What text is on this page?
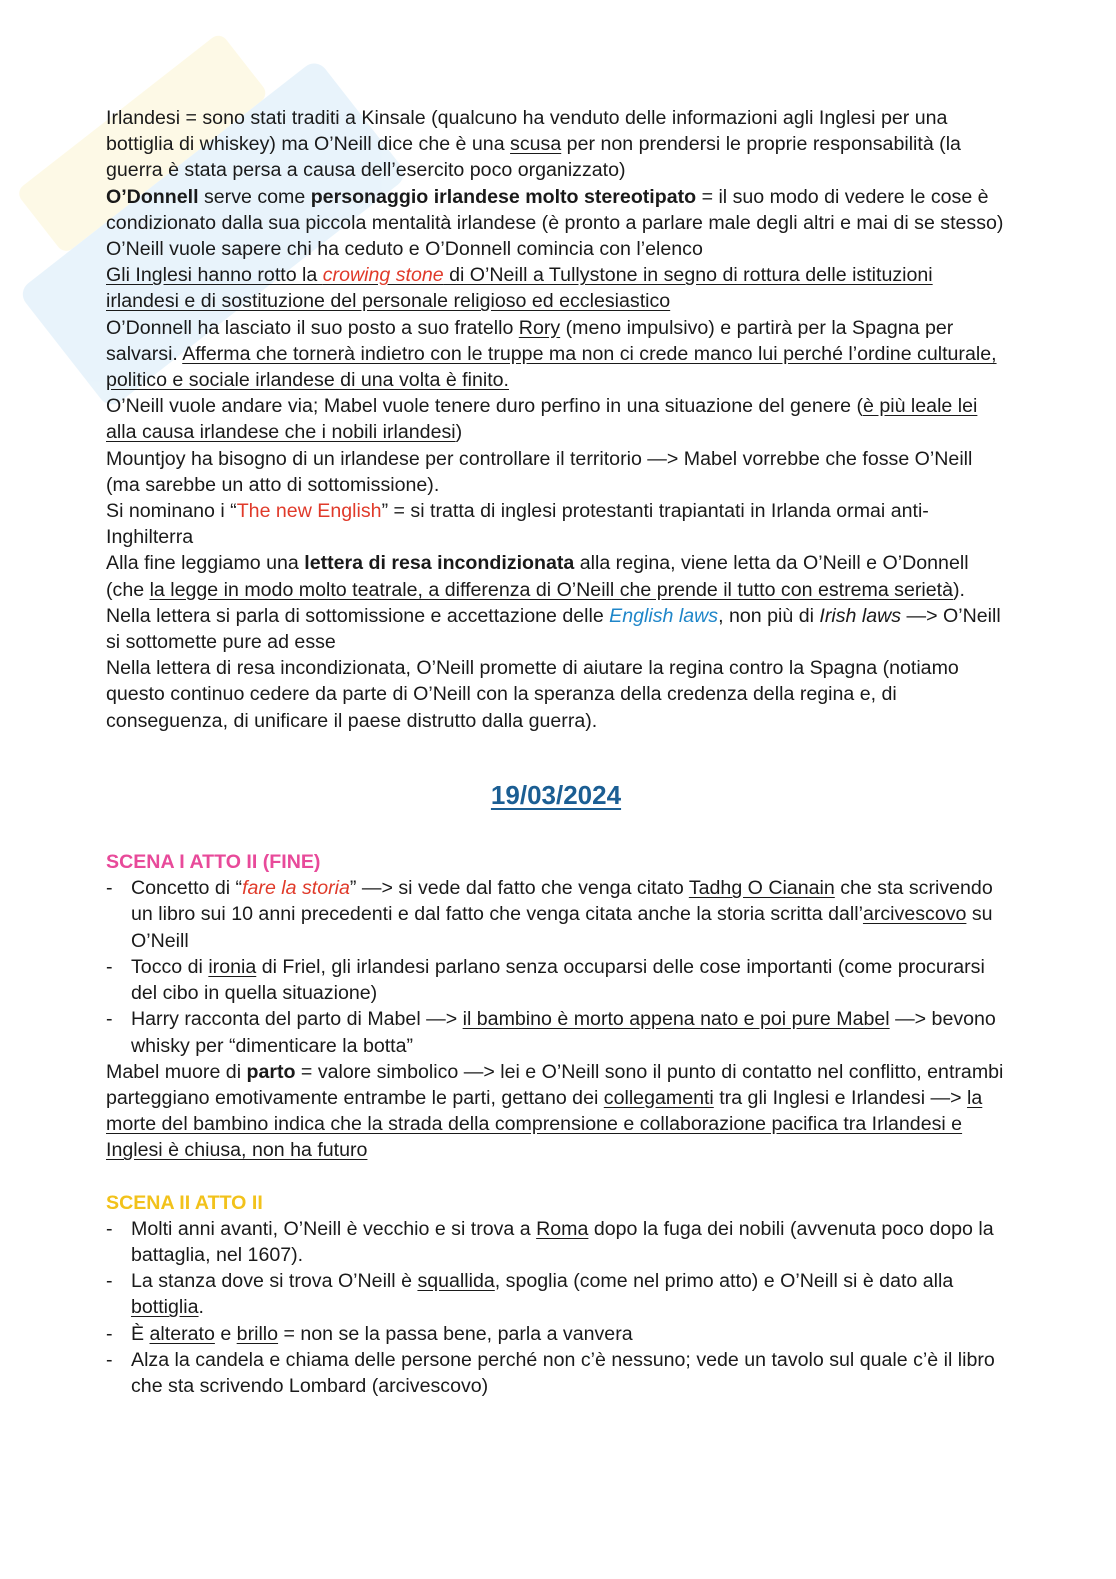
Irlandesi = sono stati traditi a Kinsale (qualcuno ha venduto delle informazioni agli Inglesi per una bottiglia di whiskey) ma O’Neill dice che è una scusa per non prendersi le proprie responsabilità (la guerra è stata persa a causa dell’esercito poco organizzato)

O’Donnell serve come personaggio irlandese molto stereotipato = il suo modo di vedere le cose è condizionato dalla sua piccola mentalità irlandese (è pronto a parlare male degli altri e mai di se stesso)

O’Neill vuole sapere chi ha ceduto e O’Donnell comincia con l’elenco

Gli Inglesi hanno rotto la crowing stone di O’Neill a Tullystone in segno di rottura delle istituzioni irlandesi e di sostituzione del personale religioso ed ecclesiastico

O’Donnell ha lasciato il suo posto a suo fratello Rory (meno impulsivo) e partirà per la Spagna per salvarsi. Afferma che tornerà indietro con le truppe ma non ci crede manco lui perché l’ordine culturale, politico e sociale irlandese di una volta è finito.

O’Neill vuole andare via; Mabel vuole tenere duro perfino in una situazione del genere (è più leale lei alla causa irlandese che i nobili irlandesi)

Mountjoy ha bisogno di un irlandese per controllare il territorio —> Mabel vorrebbe che fosse O’Neill (ma sarebbe un atto di sottomissione).

Si nominano i “The new English” = si tratta di inglesi protestanti trapiantati in Irlanda ormai anti-Inghilterra

Alla fine leggiamo una lettera di resa incondizionata alla regina, viene letta da O’Neill e O’Donnell (che la legge in modo molto teatrale, a differenza di O’Neill che prende il tutto con estrema serietà).

Nella lettera si parla di sottomissione e accettazione delle English laws, non più di Irish laws —> O’Neill si sottomette pure ad esse

Nella lettera di resa incondizionata, O’Neill promette di aiutare la regina contro la Spagna (notiamo questo continuo cedere da parte di O’Neill con la speranza della credenza della regina e, di conseguenza, di unificare il paese distrutto dalla guerra).

19/03/2024

SCENA I ATTO II (FINE)

- Concetto di “fare la storia” —> si vede dal fatto che venga citato Tadhg O Cianain che sta scrivendo un libro sui 10 anni precedenti e dal fatto che venga citata anche la storia scritta dall’arcivescovo su O’Neill
- Tocco di ironia di Friel, gli irlandesi parlano senza occuparsi delle cose importanti (come procurarsi del cibo in quella situazione)
- Harry racconta del parto di Mabel —> il bambino è morto appena nato e poi pure Mabel —> bevono whisky per “dimenticare la botta”

Mabel muore di parto = valore simbolico —> lei e O’Neill sono il punto di contatto nel conflitto, entrambi parteggiano emotivamente entrambe le parti, gettano dei collegamenti tra gli Inglesi e Irlandesi —> la morte del bambino indica che la strada della comprensione e collaborazione pacifica tra Irlandesi e Inglesi è chiusa, non ha futuro

SCENA II ATTO II

- Molti anni avanti, O’Neill è vecchio e si trova a Roma dopo la fuga dei nobili (avvenuta poco dopo la battaglia, nel 1607).
- La stanza dove si trova O’Neill è squallida, spoglia (come nel primo atto) e O’Neill si è dato alla bottiglia.
- È alterato e brillo = non se la passa bene, parla a vanvera
- Alza la candela e chiama delle persone perché non c’è nessuno; vede un tavolo sul quale c’è il libro che sta scrivendo Lombard (arcivescovo)
